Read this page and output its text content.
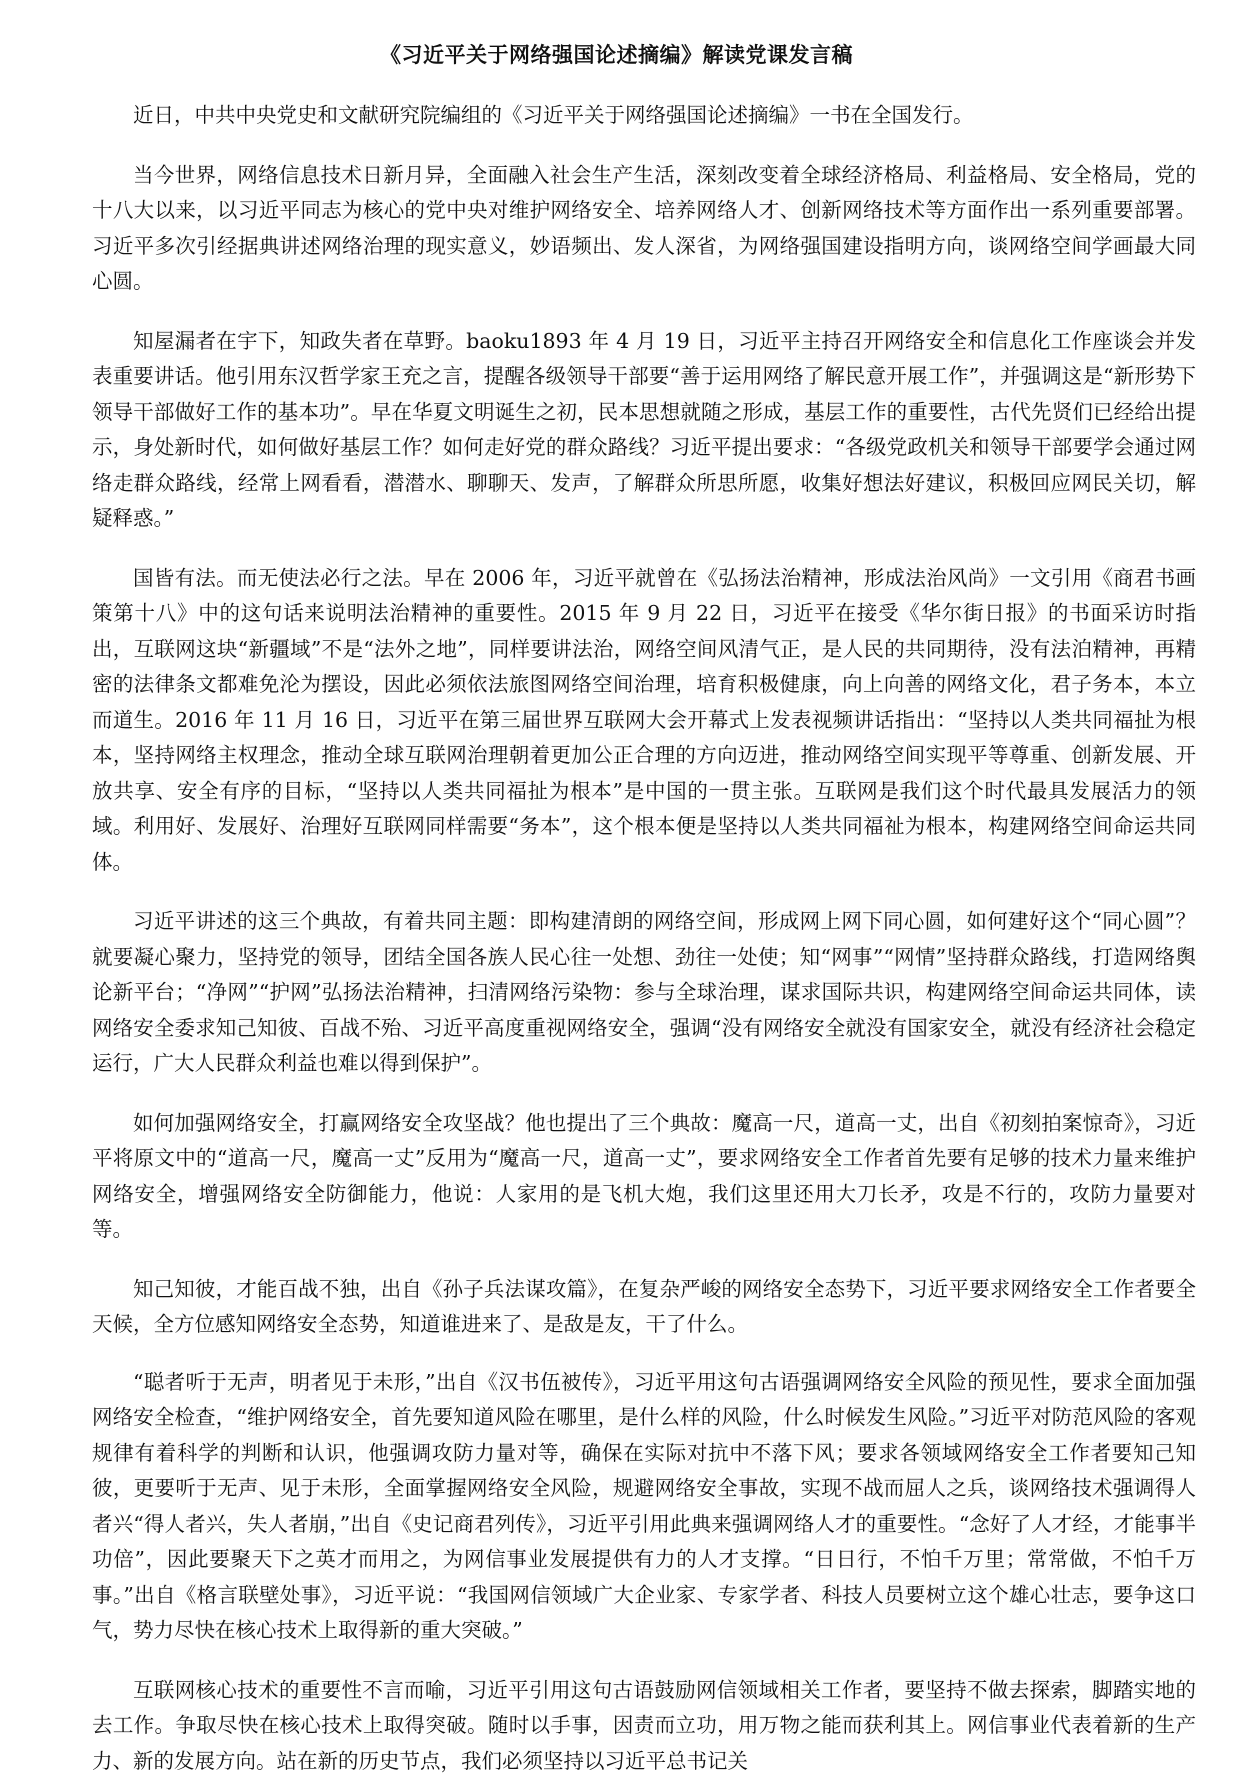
《习近平关于网络强国论述摘编》解读党课发言稿

近日，中共中央党史和文献研究院编组的《习近平关于网络强国论述摘编》一书在全国发行。

当今世界，网络信息技术日新月异，全面融入社会生产生活，深刻改变着全球经济格局、利益格局、安全格局，党的十八大以来，以习近平同志为核心的党中央对维护网络安全、培养网络人才、创新网络技术等方面作出一系列重要部署。习近平多次引经据典讲述网络治理的现实意义，妙语频出、发人深省，为网络强国建设指明方向，谈网络空间学画最大同心圆。

知屋漏者在宇下，知政失者在草野。baoku1893 年 4 月 19 日，习近平主持召开网络安全和信息化工作座谈会并发表重要讲话。他引用东汉哲学家王充之言，提醒各级领导干部要“善于运用网络了解民意开展工作”，并强调这是“新形势下领导干部做好工作的基本功”。早在华夏文明诞生之初，民本思想就随之形成，基层工作的重要性，古代先贤们已经给出提示，身处新时代，如何做好基层工作？如何走好党的群众路线？习近平提出要求：“各级党政机关和领导干部要学会通过网络走群众路线，经常上网看看，潜潜水、聊聊天、发声，了解群众所思所愿，收集好想法好建议，积极回应网民关切，解疑释惑。”

国皆有法。而无使法必行之法。早在 2006 年，习近平就曾在《弘扬法治精神，形成法治风尚》一文引用《商君书画策第十八》中的这句话来说明法治精神的重要性。2015 年 9 月 22 日，习近平在接受《华尔街日报》的书面采访时指出，互联网这块“新疆域”不是“法外之地”，同样要讲法治，网络空间风清气正，是人民的共同期待，没有法泊精神，再精密的法律条文都难免沦为摆设，因此必须依法旅图网络空间治理，培育积极健康，向上向善的网络文化，君子务本，本立而道生。2016 年 11 月 16 日，习近平在第三届世界互联网大会开幕式上发表视频讲话指出：“坚持以人类共同福扯为根本，坚持网络主权理念，推动全球互联网治理朝着更加公正合理的方向迈进，推动网络空间实现平等尊重、创新发展、开放共享、安全有序的目标，“坚持以人类共同福扯为根本”是中国的一贯主张。互联网是我们这个时代最具发展活力的领域。利用好、发展好、治理好互联网同样需要“务本”，这个根本便是坚持以人类共同福祉为根本，构建网络空间命运共同体。

习近平讲述的这三个典故，有着共同主题：即构建清朗的网络空间，形成网上网下同心圆，如何建好这个“同心圆”？就要凝心聚力，坚持党的领导，团结全国各族人民心往一处想、劲往一处使；知“网事”“网情”坚持群众路线，打造网络舆论新平台；“净网”“护网”弘扬法治精神，扫清网络污染物：参与全球治理，谋求国际共识，构建网络空间命运共同体，读网络安全委求知己知彼、百战不殆、习近平高度重视网络安全，强调“没有网络安全就没有国家安全，就没有经济社会稳定运行，广大人民群众利益也难以得到保护”。

如何加强网络安全，打赢网络安全攻坚战？他也提出了三个典故：魔高一尺，道高一丈，出自《初刻拍案惊奇》，习近平将原文中的“道高一尺，魔高一丈”反用为“魔高一尺，道高一丈”，要求网络安全工作者首先要有足够的技术力量来维护网络安全，增强网络安全防御能力，他说：人家用的是飞机大炮，我们这里还用大刀长矛，攻是不行的，攻防力量要对等。

知己知彼，才能百战不独，出自《孙子兵法谋攻篇》，在复杂严峻的网络安全态势下，习近平要求网络安全工作者要全天候，全方位感知网络安全态势，知道谁进来了、是敌是友，干了什么。

“聪者听于无声，明者见于未形，”出自《汉书伍被传》，习近平用这句古语强调网络安全风险的预见性，要求全面加强网络安全检查，“维护网络安全，首先要知道风险在哪里，是什么样的风险，什么时候发生风险。”习近平对防范风险的客观规律有着科学的判断和认识，他强调攻防力量对等，确保在实际对抗中不落下风；要求各领域网络安全工作者要知己知彼，更要听于无声、见于未形，全面掌握网络安全风险，规避网络安全事故，实现不战而屈人之兵，谈网络技术强调得人者兴“得人者兴，失人者崩，”出自《史记商君列传》，习近平引用此典来强调网络人才的重要性。“念好了人才经，才能事半功倍”，因此要聚天下之英才而用之，为网信事业发展提供有力的人才支撑。“日日行，不怕千万里；常常做，不怕千万事。”出自《格言联壁处事》，习近平说：“我国网信领域广大企业家、专家学者、科技人员要树立这个雄心壮志，要争这口气，势力尽快在核心技术上取得新的重大突破。”

互联网核心技术的重要性不言而喻，习近平引用这句古语鼓励网信领域相关工作者，要坚持不做去探索，脚踏实地的去工作。争取尽快在核心技术上取得突破。随时以手事，因责而立功，用万物之能而获利其上。网信事业代表着新的生产力、新的发展方向。站在新的历史节点，我们必须坚持以习近平总书记关
